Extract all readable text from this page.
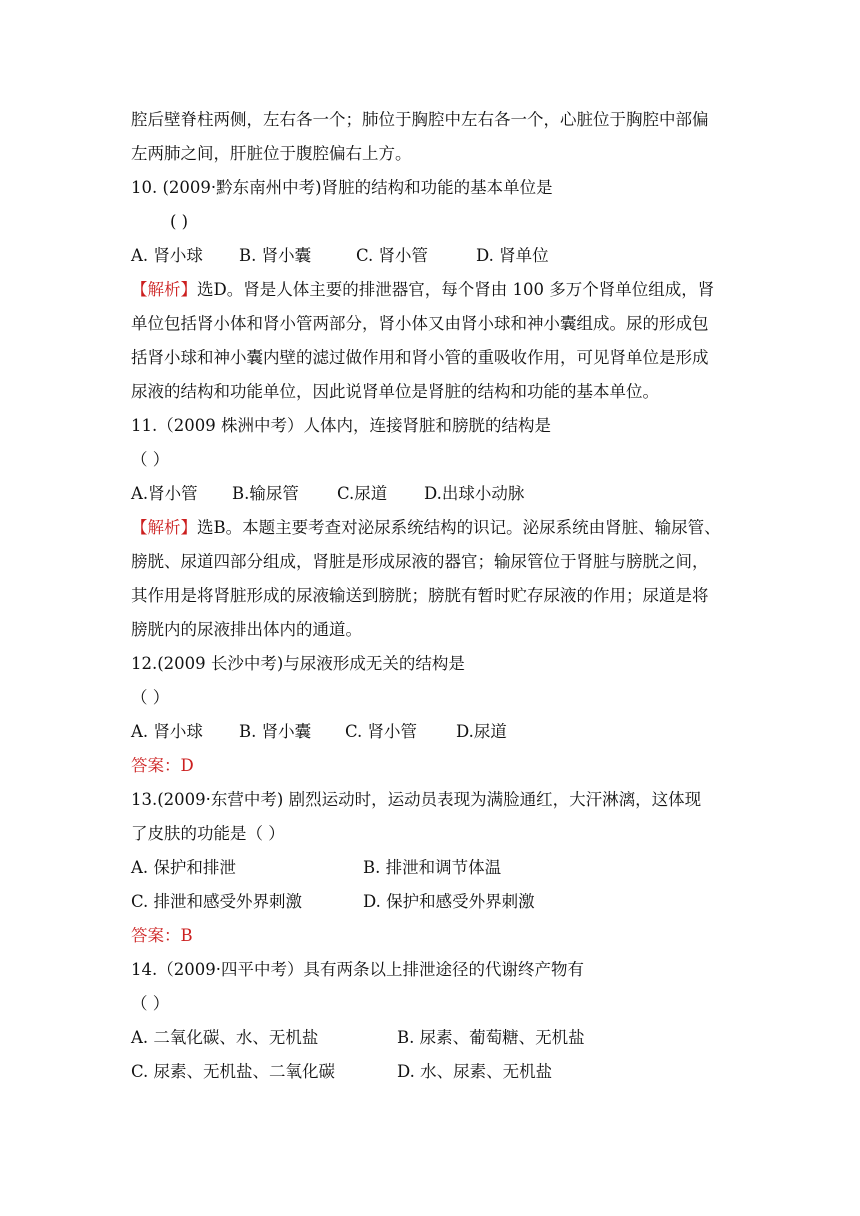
腔后壁脊柱两侧，左右各一个；肺位于胸腔中左右各一个，心脏位于胸腔中部偏
左两肺之间，肝脏位于腹腔偏右上方。
10. (2009·黔东南州中考)肾脏的结构和功能的基本单位是
( )
A. 肾小球 B. 肾小囊	C. 肾小管	D. 肾单位
【解析】选D。肾是人体主要的排泄器官，每个肾由 100 多万个肾单位组成，肾
单位包括肾小体和肾小管两部分，肾小体又由肾小球和神小囊组成。尿的形成包
括肾小球和神小囊内壁的滤过做作用和肾小管的重吸收作用，可见肾单位是形成
尿液的结构和功能单位，因此说肾单位是肾脏的结构和功能的基本单位。
11.（2009 株洲中考）人体内，连接肾脏和膀胱的结构是
（ ）
A.肾小管 B.输尿管 C.尿道 D.出球小动脉
【解析】选B。本题主要考查对泌尿系统结构的识记。泌尿系统由肾脏、输尿管、
膀胱、尿道四部分组成，肾脏是形成尿液的器官；输尿管位于肾脏与膀胱之间，
其作用是将肾脏形成的尿液输送到膀胱；膀胱有暂时贮存尿液的作用；尿道是将
膀胱内的尿液排出体内的通道。
12.(2009 长沙中考)与尿液形成无关的结构是
（ ）
A. 肾小球 B. 肾小囊 C. 肾小管 D.尿道
答案：D
13.(2009·东营中考) 剧烈运动时，运动员表现为满脸通红，大汗淋漓，这体现
了皮肤的功能是（ ）
A. 保护和排泄	B. 排泄和调节体温
C. 排泄和感受外界刺激	D. 保护和感受外界刺激
答案：B
14.（2009·四平中考）具有两条以上排泄途径的代谢终产物有
（ ）
A. 二氧化碳、水、无机盐	B. 尿素、葡萄糖、无机盐
C. 尿素、无机盐、二氧化碳	D. 水、尿素、无机盐
